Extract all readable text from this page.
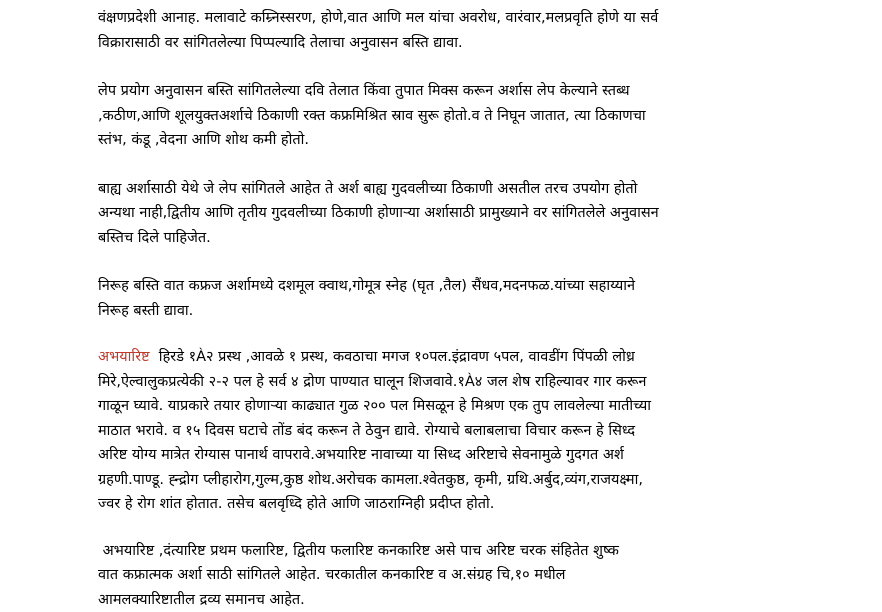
वंक्षणप्रदेशी आनाह. मलावाटे कम्र्निस्सरण, होणे,वात आणि मल यांचा अवरोध, वारंवार,मलप्रवृति होणे या सर्व
विक्रारासाठी वर सांगितलेल्या पिप्पल्यादि तेलाचा अनुवासन बस्ति द्यावा.

लेप प्रयोग अनुवासन बस्ति सांगितलेल्या दवि तेलात किंवा तुपात मिक्स करून अर्शास लेप केल्याने स्तब्ध
,कठीण,आणि शूलयुक्तअर्शाचे ठिकाणी रक्त कफ्रमिश्रित स्राव सुरू होतो.व ते निघून जातात, त्या ठिकाणचा
स्तंभ, कंडू ,वेदना आणि शोथ कमी होतो.

बाह्य अर्शासाठी येथे जे लेप सांगितले आहेत ते अर्श बाह्य गुदवलीच्या ठिकाणी असतील तरच उपयोग होतो
अन्यथा नाही,द्वितीय आणि तृतीय गुदवलीच्या ठिकाणी होणाऱ्या अर्शासाठी प्रामुख्याने वर सांगितलेले अनुवासन
बस्तिच दिले पाहिजेत.

निरूह बस्ति वात कफ्रज अर्शामध्ये दशमूल क्वाथ,गोमूत्र स्नेह (घृत ,तैल) सैंधव,मदनफळ.यांच्या सहाय्याने
निरूह बस्ती द्यावा.

अभयारिष्ट  हिरडे १À२ प्रस्थ ,आवळे १ प्रस्थ, कवठाचा मगज १०पल.इंद्रावण ५पल, वावडींग पिंपळी लोध्र
मिरे,ऐल्वालुकप्रत्येकी २-२ पल हे सर्व ४ द्रोण पाण्यात घालून शिजवावे.१À४ जल शेष राहिल्यावर गार करून
गाळून घ्यावे. याप्रकारे तयार होणाऱ्या काढ्यात गुळ २०० पल मिसळून हे मिश्रण एक तुप लावलेल्या मातीच्या
माठात भरावे. व १५ दिवस घटाचे तोंड बंद करून ते ठेवुन द्यावे. रोग्याचे बलाबलाचा विचार करून हे सिध्द
अरिष्ट योग्य मात्रेत रोग्यास पानार्थ वापरावे.अभयारिष्ट नावाच्या या सिध्द अरिष्टाचे सेवनामुळे गुदगत अर्श
ग्रहणी.पाण्डू. ह्न्द्रोग प्लीहारोग,गुल्म,कुष्ठ शोथ.अरोचक कामला.श्वेतकुष्ठ, कृमी, ग्रथि.अर्बुद,व्यंग,राजयक्ष्मा,
ज्वर हे रोग शांत होतात. तसेच बलवृध्दि होते आणि जाठराग्निही प्रदीप्त होतो.

अभयारिष्ट ,दंत्यारिष्ट प्रथम फलारिष्ट, द्वितीय फलारिष्ट कनकारिष्ट असे पाच अरिष्ट चरक संहितेत शुष्क
वात कफ्रात्मक अर्शा साठी सांगितले आहेत. चरकातील कनकारिष्ट व अ.संग्रह चि,१० मधील
आमलक्यारिष्टातील द्रव्य समानच आहेत.
